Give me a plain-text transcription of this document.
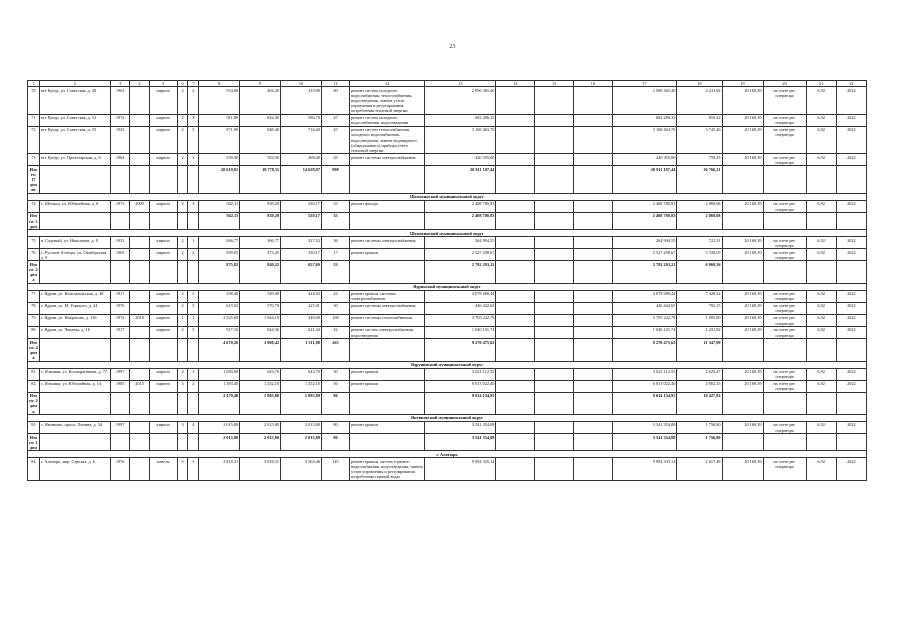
23
1	2	3	4	5	6	7	8	9	10	11	12	13	14	15	16	17	18	19	20	21	22
70	пгт Куеда, ул. Советская, д. 49	1963		кирпич	2	2	554,80	494,20	219,90	40	ремонт систем холодного водоснабжения, теплоснабжения, водоотведения, замена узлов управления и регулирования потребления тепловой энергии	2 096 365,40				2 096 365,40	4 241,94	20 169,39	на счете рег. оператора	6,92	2022
71	пгт Куеда, ул. Советская, д. 51	1974		кирпич	2	3	911,80	842,00	586,70	47	ремонт систем холодного водоснабжения, водоотведения	682 286,33				682 286,33	810,32	20 169,39	на счете рег. оператора	6,92	2022
72	пгт Куеда, ул. Советская, д. 55	1933		кирпич	2	3	971,90	848,40	716,40	45	ремонт систем теплоснабжения, холодного водоснабжения, водоотведения, замена водомерного (общедомового) прибора учета тепловой энергии	3 168 463,70				3 168 463,70	3 745,46	20 169,39	на счете рег. оператора	6,92	2022
73	пгт Куеда, ул. Пролетарская, д. 8	1964		кирпич	2	3	539,90	353,50	268,40	29	ремонт системы электроснабжения	420 355,00				420 355,00	759,45	20 169,39	на счете рег. оператора	6,92	2022
Итого: 17 домов							20 619,81	18 778,11	14 628,97	908		20 911 197,44				20 911 197,44	36 766,21				
Шемахинский муниципальный округ																					
74	с. Шемаха, ул. Юбилейная, д. 6	1973	2009	кирпич	2	3	942,11	839,29	530,17	35	ремонт фасада	2 408 780,83				2 408 780,83	2 869,68	20 169,39	на счете рег. оператора	6,92	2022
Итого: 1 дом							942,11	839,29	530,17	35		2 408 780,83				2 408 780,83	2 869,68				
Шемахинский муниципальный округ																					
75	п. Садовый, ул. Николаева, д. 8	1935		кирпич	2	1	366,77	366,77	327,52	36	ремонт системы электроснабжения	264 994,55				264 994,55	722,51	20 169,39	на счете рег. оператора	6,92	2022
76	с. Русские Алчеды, ул. Октябрьская, д. 9	1965		кирпич	2	2	509,05	473,45	330,17	17	ремонт крыши	2 527 298,67				2 527 298,67	5 338,05	20 169,39	на счете рег. оператора	6,92	2022
Итого: 2 дома							875,82	840,22	657,69	53		2 792 293,22				2 792 293,22	6 060,56				
Ядринский муниципальный округ																					
77	г. Ядрин, ул. Комсомольская, д. 48	1917		кирпич	2	3	598,40	549,08	424,03	22	ремонт крыши, системы электроснабжения	4 078 688,44				4 078 688,44	7 428,22	20 169,39	на счете рег. оператора	6,92	2022
78	г. Ядрин, ул. М. Горького, д. 24	1976		кирпич	2	3	619,92	570,79	225,01	30	ремонт системы электроснабжения	446 442,65				446 442,65	782,15	20 169,39	на счете рег. оператора	6,92	2022
79	г. Ядрин, ул. Некрасова, д. 136	1974	2018	кирпич	1	1	2 525,69	1 944,19	240,00	168	ремонт системы теплоснабжения	3 705 242,79				3 705 242,79	1 905,80	20 169,39	на счете рег. оператора	6,92	2022
80	г. Ядрин, ул. Чапаева, д. 16	1917		кирпич	2	3	917,16	844,36	621,34	42	ремонт систем электроснабжения, водоотведения	1 040 101,74				1 040 101,74	1 231,82	20 169,39	на счете рег. оператора	6,92	2022
Итого: 4 дома							4 670,26	3 908,42	1 511,88	263		9 270 475,62				9 270 475,62	11 347,99				
Ядрунинский муниципальный округ																					
81	с. Яльчики, ул. Кооперативная, д. 77	1997		кирпич	4	1	1 083,80	643,70	643,70	30	ремонт крыши	3 621 112,55				3 621 112,55	5 625,47	20 169,39	на счете рег. оператора	6,92	2022
82	с. Яльчики, ул. Юбилейная, д. 14	1985	2015	кирпич	3	2	1 383,40	1 252,10	1 252,10	56	ремонт крыши	6 013 022,40				6 013 022,40	4 802,35	20 169,39	на счете рег. оператора	6,92	2022
Итого: 2 дома							2 470,40	1 895,80	1 895,80	86		9 634 134,95				9 634 134,95	10 427,82				
Янтиковский муниципальный округ																					
83	с. Янтиково, просп. Ленина, д. 34	1997		кирпич	3	4	2 015,80	2 015,80	2 015,80	80	ремонт крыши	3 541 354,08				3 541 354,08	1 756,80	20 169,39	на счете рег. оператора	6,92	2022
Итого: 1 дом							2 015,80	2 015,80	2 015,80	80		3 541 354,08				3 541 354,08	1 756,80				
г. Алатырь																					
84	г. Алатырь, мкр. Стрелка, д. 6	1976		панель	5	3	3 818,31	3 818,31	3 504,46	145	ремонт крыши, систем горячего водоснабжения, водоотведения, замена узлов управления и регулирования потребления горячей воды	9 994 335,14				9 994 335,14	2 617,48	20 169,39	на счете рег. оператора	6,92	2022
